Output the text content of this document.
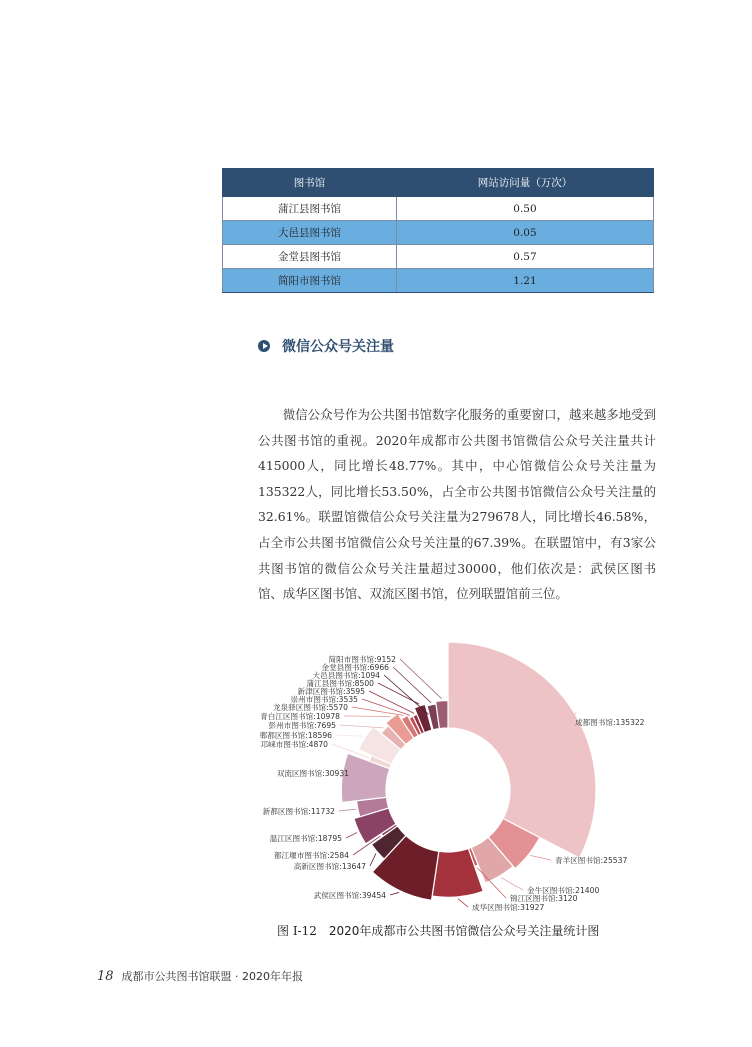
图书馆	网站访问量（万次）
蒲江县图书馆	0.50
大邑县图书馆	0.05
金堂县图书馆	0.57
简阳市图书馆	1.21
微信公众号关注量

微信公众号作为公共图书馆数字化服务的重要窗口，越来越多地受到公共图书馆的重视。2020年成都市公共图书馆微信公众号关注量共计415000人，同比增长48.77%。其中，中心馆微信公众号关注量为135322人，同比增长53.50%，占全市公共图书馆微信公众号关注量的32.61%。联盟馆微信公众号关注量为279678人，同比增长46.58%，占全市公共图书馆微信公众号关注量的67.39%。在联盟馆中，有3家公共图书馆的微信公众号关注量超过30000，他们依次是：武侯区图书馆、成华区图书馆、双流区图书馆，位列联盟馆前三位。

成都图书馆:135322
青羊区图书馆:25537
金牛区图书馆:21400
锦江区图书馆:3120
成华区图书馆:31927
武侯区图书馆:39454
高新区图书馆:13647
都江堰市图书馆:2584
温江区图书馆:18795
新都区图书馆:11732
双流区图书馆:30931
邛崃市图书馆:4870
郫都区图书馆:18596
彭州市图书馆:7695
青白江区图书馆:10978
龙泉驿区图书馆:5570
崇州市图书馆:3535
新津区图书馆:3595
蒲江县图书馆:8500
大邑县图书馆:1094
金堂县图书馆:6966
简阳市图书馆:9152
图 I-12 2020年成都市公共图书馆微信公众号关注量统计图
18 成都市公共图书馆联盟 · 2020年年报
